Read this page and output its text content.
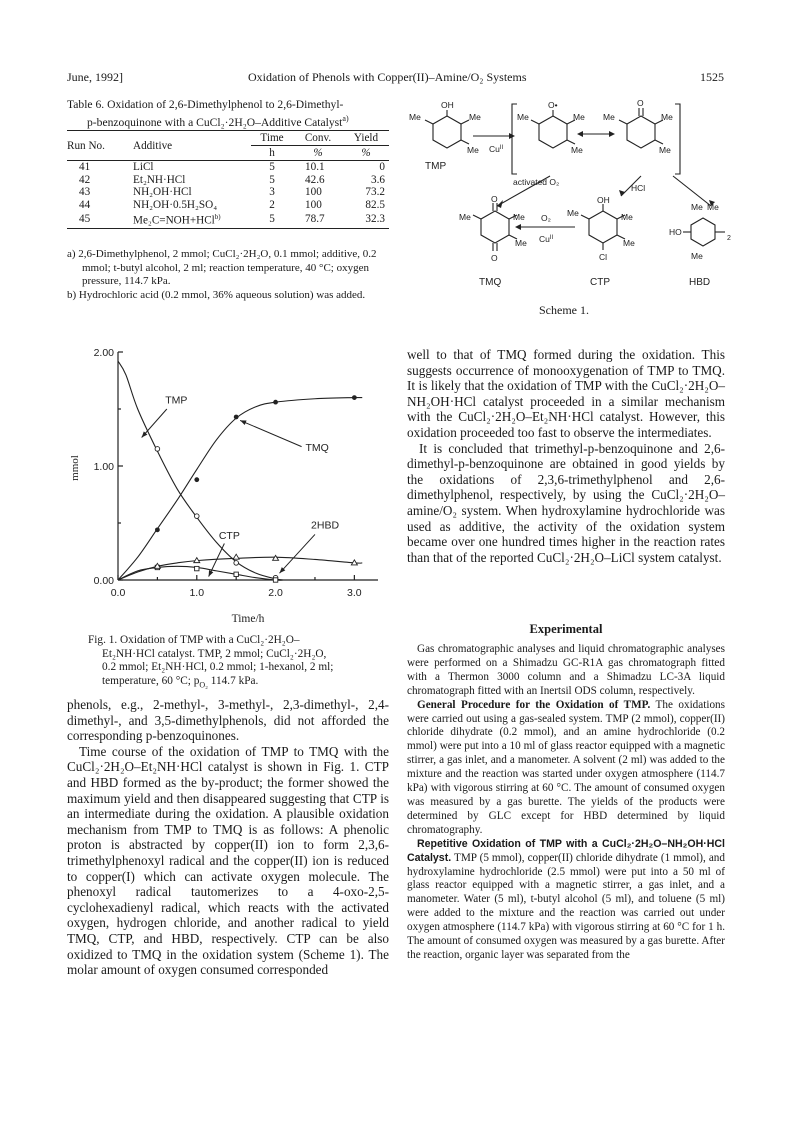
June, 1992]	Oxidation of Phenols with Copper(II)–Amine/O₂ Systems	1525
Table 6. Oxidation of 2,6-Dimethylphenol to 2,6-Dimethyl-
p-benzoquinone with a CuCl₂·2H₂O–Additive Catalyst$^{a)}$
Run No.	Additive	Time	Conv.	Yield
		h	%	%
41	LiCl	5	10.1	0
42	Et₂NH·HCl	5	42.6	3.6
43	NH₂OH·HCl	3	100	73.2
44	NH₂OH·0.5H₂SO₄	2	100	82.5
45	Me₂C=NOH+HCl$^{b)}$	5	78.7	32.3

a) 2,6-Dimethylphenol, 2 mmol; CuCl₂·2H₂O, 0.1 mmol; additive, 0.2 mmol; t-butyl alcohol, 2 ml; reaction temperature, 40 °C; oxygen pressure, 114.7 kPa.

b) Hydrochloric acid (0.2 mmol, 36% aqueous solution) was added.

OH
Me	Me
Me $Cu^{II}$
O•
Me	Me
Me
O
Me	Me
Me
activated O₂
HCl
O
Me	Me
Me
O
O₂
$Cu^{II}$
OH
Me	Me
Me
Cl
Me Me
HO
2
Me
TMP
TMQ	CTP	HBD
Scheme 1.
0.0	1.0	2.0	3.0
0.00
1.00
2.00
mmol
Time/h
TMP
TMQ
CTP
2HBD

Fig. 1. Oxidation of TMP with a CuCl₂·2H₂O–

Et₂NH·HCl catalyst. TMP, 2 mmol; CuCl₂·2H₂O,

0.2 mmol; Et₂NH·HCl, 0.2 mmol; 1-hexanol, 2 ml;

temperature, 60 °C; $p_{O_2}$ 114.7 kPa.

phenols, e.g., 2-methyl-, 3-methyl-, 2,3-dimethyl-, 2,4-dimethyl-, and 3,5-dimethylphenols, did not afforded the corresponding p-benzoquinones.

Time course of the oxidation of TMP to TMQ with the CuCl₂·2H₂O–Et₂NH·HCl catalyst is shown in Fig. 1. CTP and HBD formed as the by-product; the former showed the maximum yield and then disappeared suggesting that CTP is an intermediate during the oxidation. A plausible oxidation mechanism from TMP to TMQ is as follows: A phenolic proton is abstracted by copper(II) ion to form 2,3,6-trimethylphenoxyl radical and the copper(II) ion is reduced to copper(I) which can activate oxygen molecule. The phenoxyl radical tautomerizes to a 4-oxo-2,5-cyclohexadienyl radical, which reacts with the activated oxygen, hydrogen chloride, and another radical to yield TMQ, CTP, and HBD, respectively. CTP can be also oxidized to TMQ in the oxidation system (Scheme 1). The molar amount of oxygen consumed corresponded

well to that of TMQ formed during the oxidation. This suggests occurrence of monooxygenation of TMP to TMQ. It is likely that the oxidation of TMP with the CuCl₂·2H₂O–NH₂OH·HCl catalyst proceeded in a similar mechanism with the CuCl₂·2H₂O–Et₂NH·HCl catalyst. However, this oxidation proceeded too fast to observe the intermediates.

It is concluded that trimethyl-p-benzoquinone and 2,6-dimethyl-p-benzoquinone are obtained in good yields by the oxidations of 2,3,6-trimethylphenol and 2,6-dimethylphenol, respectively, by using the CuCl₂·2H₂O–amine/O₂ system. When hydroxylamine hydrochloride was used as additive, the activity of the oxidation system became over one hundred times higher in the reaction rates than that of the reported CuCl₂·2H₂O–LiCl system catalyst.

Experimental

Gas chromatographic analyses and liquid chromatographic analyses were performed on a Shimadzu GC-R1A gas chromatograph fitted with a Thermon 3000 column and a Shimadzu LC-3A liquid chromatograph fitted with an Inertsil ODS column, respectively.

General Procedure for the Oxidation of TMP. The oxidations were carried out using a gas-sealed system. TMP (2 mmol), copper(II) chloride dihydrate (0.2 mmol), and an amine hydrochloride (0.2 mmol) were put into a 10 ml of glass reactor equipped with a magnetic stirrer, a gas inlet, and a manometer. A solvent (2 ml) was added to the mixture and the reaction was started under oxygen atmosphere (114.7 kPa) with vigorous stirring at 60 °C. The amount of consumed oxygen was measured by a gas burette. The yields of the products were determined by GLC except for HBD determined by liquid chromatography.

Repetitive Oxidation of TMP with a CuCl₂·2H₂O–NH₂OH·HCl Catalyst. TMP (5 mmol), copper(II) chloride dihydrate (1 mmol), and hydroxylamine hydrochloride (2.5 mmol) were put into a 50 ml of glass reactor equipped with a magnetic stirrer, a gas inlet, and a manometer. Water (5 ml), t-butyl alcohol (5 ml), and toluene (5 ml) were added to the mixture and the reaction was carried out under oxygen atmosphere (114.7 kPa) with vigorous stirring at 60 °C for 1 h. The amount of consumed oxygen was measured by a gas burette. After the reaction, organic layer was separated from the
